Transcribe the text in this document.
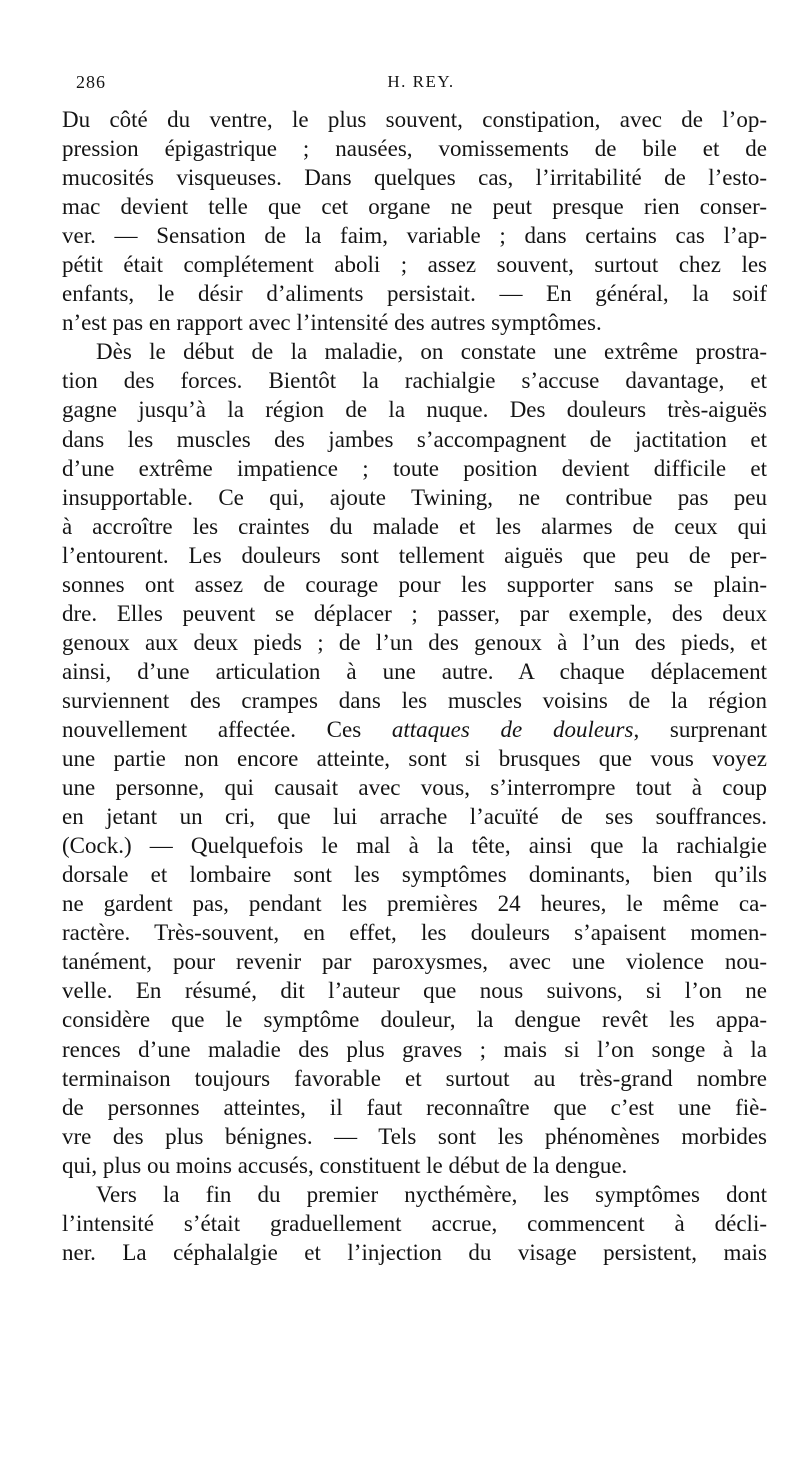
286	H. REY.
Du côté du ventre, le plus souvent, constipation, avec de l’op-
pression épigastrique ; nausées, vomissements de bile et de
mucosités visqueuses. Dans quelques cas, l’irritabilité de l’esto-
mac devient telle que cet organe ne peut presque rien conser-
ver. — Sensation de la faim, variable ; dans certains cas l’ap-
pétit était complétement aboli ; assez souvent, surtout chez les
enfants, le désir d’aliments persistait. — En général, la soif
n’est pas en rapport avec l’intensité des autres symptômes.
Dès le début de la maladie, on constate une extrême prostra-
tion des forces. Bientôt la rachialgie s’accuse davantage, et
gagne jusqu’à la région de la nuque. Des douleurs très-aiguës
dans les muscles des jambes s’accompagnent de jactitation et
d’une extrême impatience ; toute position devient difficile et
insupportable. Ce qui, ajoute Twining, ne contribue pas peu
à accroître les craintes du malade et les alarmes de ceux qui
l’entourent. Les douleurs sont tellement aiguës que peu de per-
sonnes ont assez de courage pour les supporter sans se plain-
dre. Elles peuvent se déplacer ; passer, par exemple, des deux
genoux aux deux pieds ; de l’un des genoux à l’un des pieds, et
ainsi, d’une articulation à une autre. A chaque déplacement
surviennent des crampes dans les muscles voisins de la région
nouvellement affectée. Ces attaques de douleurs, surprenant
une partie non encore atteinte, sont si brusques que vous voyez
une personne, qui causait avec vous, s’interrompre tout à coup
en jetant un cri, que lui arrache l’acuïté de ses souffrances.
(Cock.) — Quelquefois le mal à la tête, ainsi que la rachialgie
dorsale et lombaire sont les symptômes dominants, bien qu’ils
ne gardent pas, pendant les premières 24 heures, le même ca-
ractère. Très-souvent, en effet, les douleurs s’apaisent momen-
tanément, pour revenir par paroxysmes, avec une violence nou-
velle. En résumé, dit l’auteur que nous suivons, si l’on ne
considère que le symptôme douleur, la dengue revêt les appa-
rences d’une maladie des plus graves ; mais si l’on songe à la
terminaison toujours favorable et surtout au très-grand nombre
de personnes atteintes, il faut reconnaître que c’est une fiè-
vre des plus bénignes. — Tels sont les phénomènes morbides
qui, plus ou moins accusés, constituent le début de la dengue.
Vers la fin du premier nycthémère, les symptômes dont
l’intensité s’était graduellement accrue, commencent à décli-
ner. La céphalalgie et l’injection du visage persistent, mais
